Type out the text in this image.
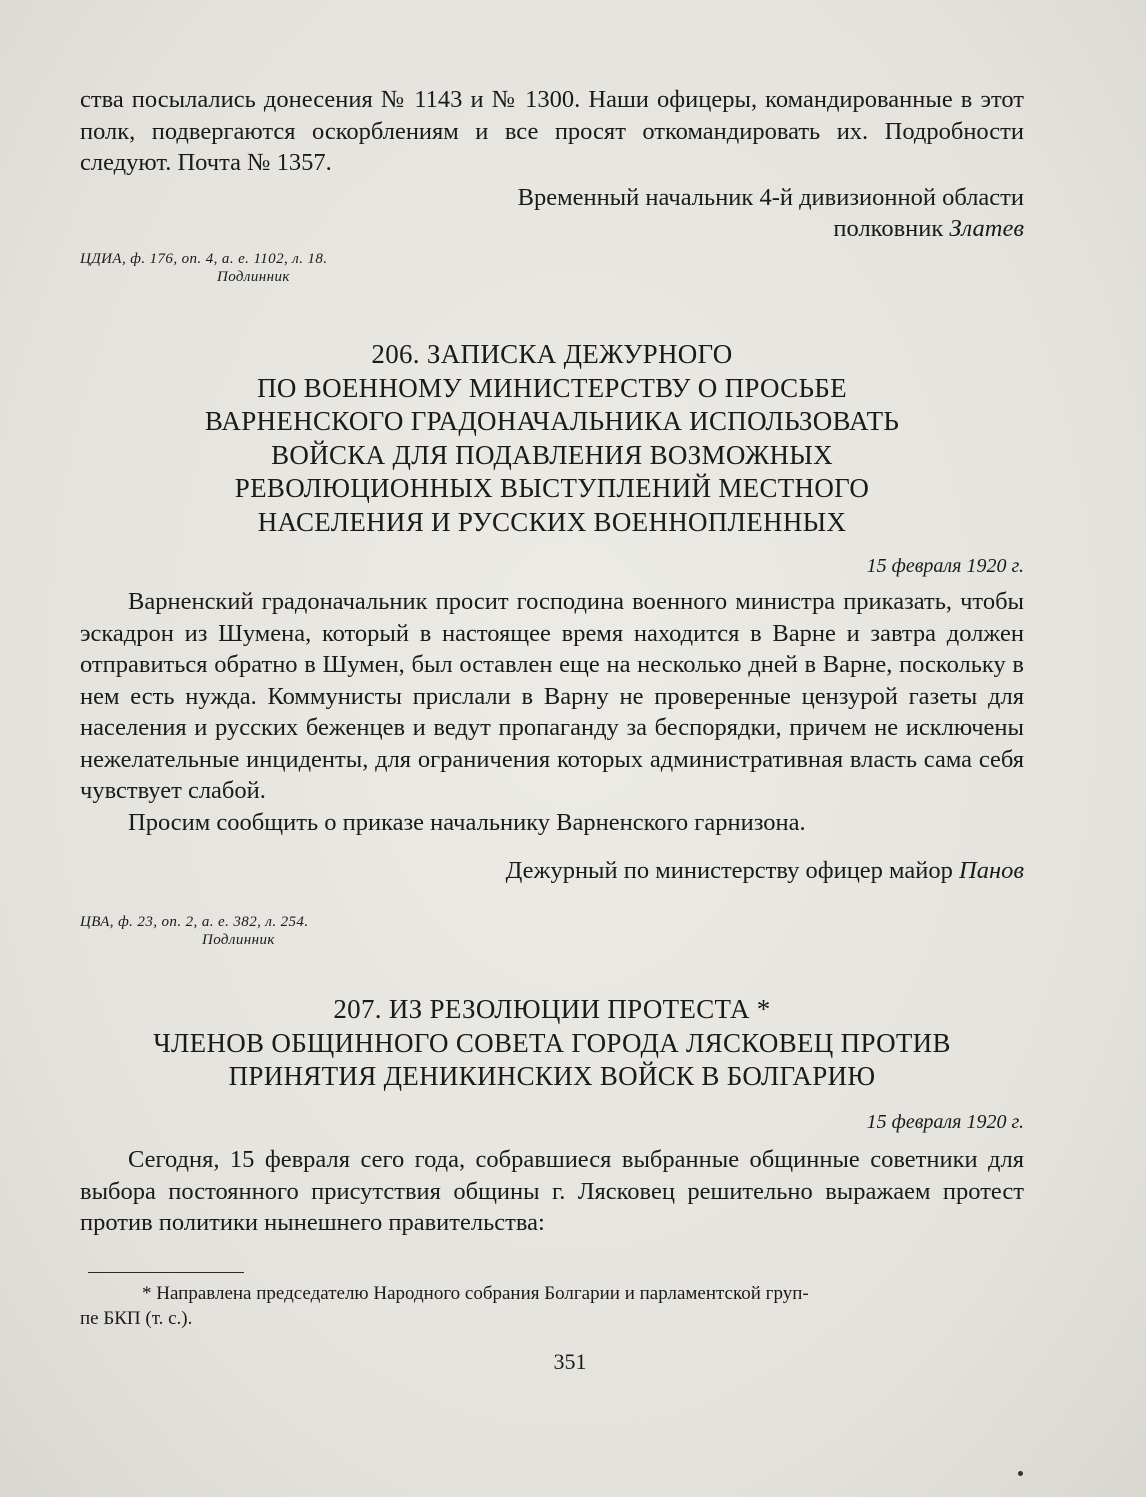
ства посылались донесения № 1143 и № 1300. Наши офицеры, командированные в этот полк, подвергаются оскорблениям и все просят откомандировать их. Подробности следуют. Почта № 1357.

Временный начальник 4-й дивизионной области
полковник Златев
ЦДИА, ф. 176, оп. 4, а. е. 1102, л. 18.
Подлинник

206. ЗАПИСКА ДЕЖУРНОГО

ПО ВОЕННОМУ МИНИСТЕРСТВУ О ПРОСЬБЕ

ВАРНЕНСКОГО ГРАДОНАЧАЛЬНИКА ИСПОЛЬЗОВАТЬ

ВОЙСКА ДЛЯ ПОДАВЛЕНИЯ ВОЗМОЖНЫХ

РЕВОЛЮЦИОННЫХ ВЫСТУПЛЕНИЙ МЕСТНОГО

НАСЕЛЕНИЯ И РУССКИХ ВОЕННОПЛЕННЫХ

15 февраля 1920 г.

Варненский градоначальник просит господина военного министра приказать, чтобы эскадрон из Шумена, который в настоящее время находится в Варне и завтра должен отправиться обратно в Шумен, был оставлен еще на несколько дней в Варне, поскольку в нем есть нужда. Коммунисты прислали в Варну не проверенные цензурой газеты для населения и русских беженцев и ведут пропаганду за беспорядки, причем не исключены нежелательные инциденты, для ограничения которых административная власть сама себя чувствует слабой.

Просим сообщить о приказе начальнику Варненского гарнизона.

Дежурный по министерству офицер майор Панов
ЦВА, ф. 23, оп. 2, а. е. 382, л. 254.
Подлинник

207. ИЗ РЕЗОЛЮЦИИ ПРОТЕСТА *

ЧЛЕНОВ ОБЩИННОГО СОВЕТА ГОРОДА ЛЯСКОВЕЦ ПРОТИВ

ПРИНЯТИЯ ДЕНИКИНСКИХ ВОЙСК В БОЛГАРИЮ

15 февраля 1920 г.

Сегодня, 15 февраля сего года, собравшиеся выбранные общинные советники для выбора постоянного присутствия общины г. Лясковец решительно выражаем протест против политики нынешнего правительства:

* Направлена председателю Народного собрания Болгарии и парламентской груп-
пе БКП (т. с.).
351
